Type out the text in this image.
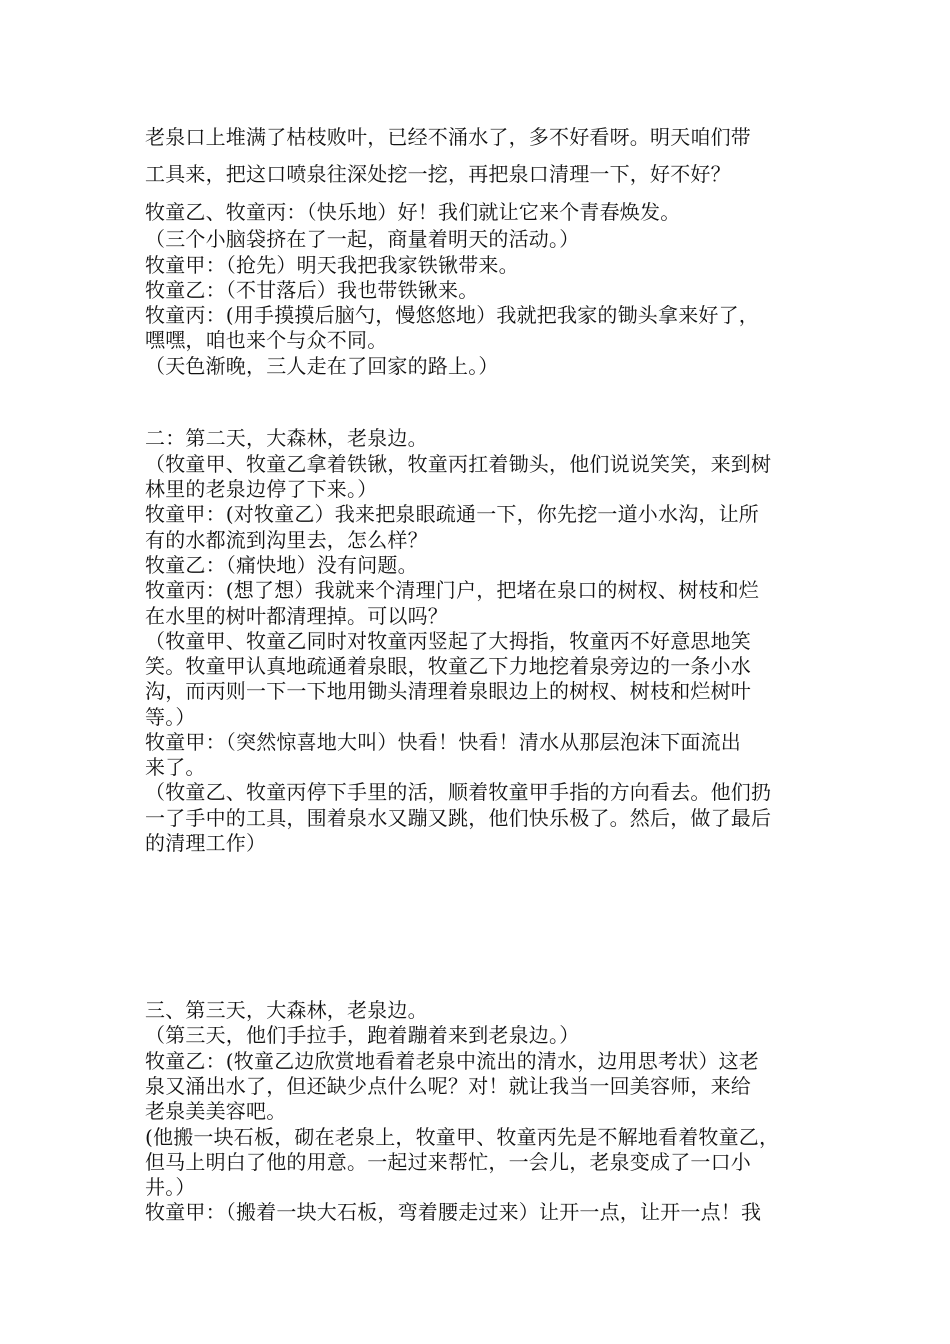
老泉口上堆满了枯枝败叶，已经不涌水了，多不好看呀。明天咱们带
工具来，把这口喷泉往深处挖一挖，再把泉口清理一下，好不好？
牧童乙、牧童丙：（快乐地）好！我们就让它来个青春焕发。
（三个小脑袋挤在了一起，商量着明天的活动。）
牧童甲：（抢先）明天我把我家铁锹带来。
牧童乙：（不甘落后）我也带铁锹来。
牧童丙：(用手摸摸后脑勺，慢悠悠地）我就把我家的锄头拿来好了，
嘿嘿，咱也来个与众不同。
（天色渐晚，三人走在了回家的路上。）
二：第二天，大森林，老泉边。
（牧童甲、牧童乙拿着铁锹，牧童丙扛着锄头，他们说说笑笑，来到树
林里的老泉边停了下来。）
牧童甲：(对牧童乙）我来把泉眼疏通一下，你先挖一道小水沟，让所
有的水都流到沟里去，怎么样？
牧童乙：（痛快地）没有问题。
牧童丙：(想了想）我就来个清理门户，把堵在泉口的树杈、树枝和烂
在水里的树叶都清理掉。可以吗？
（牧童甲、牧童乙同时对牧童丙竖起了大拇指，牧童丙不好意思地笑
笑。牧童甲认真地疏通着泉眼，牧童乙下力地挖着泉旁边的一条小水
沟，而丙则一下一下地用锄头清理着泉眼边上的树杈、树枝和烂树叶
等。）
牧童甲：（突然惊喜地大叫）快看！快看！清水从那层泡沫下面流出
来了。
（牧童乙、牧童丙停下手里的活，顺着牧童甲手指的方向看去。他们扔
一了手中的工具，围着泉水又蹦又跳，他们快乐极了。然后，做了最后
的清理工作）
三、第三天，大森林，老泉边。
（第三天，他们手拉手，跑着蹦着来到老泉边。）
牧童乙：(牧童乙边欣赏地看着老泉中流出的清水，边用思考状）这老
泉又涌出水了，但还缺少点什么呢？对！就让我当一回美容师，来给
老泉美美容吧。
(他搬一块石板，砌在老泉上，牧童甲、牧童丙先是不解地看着牧童乙，
但马上明白了他的用意。一起过来帮忙，一会儿，老泉变成了一口小
井。）
牧童甲：（搬着一块大石板，弯着腰走过来）让开一点，让开一点！我
